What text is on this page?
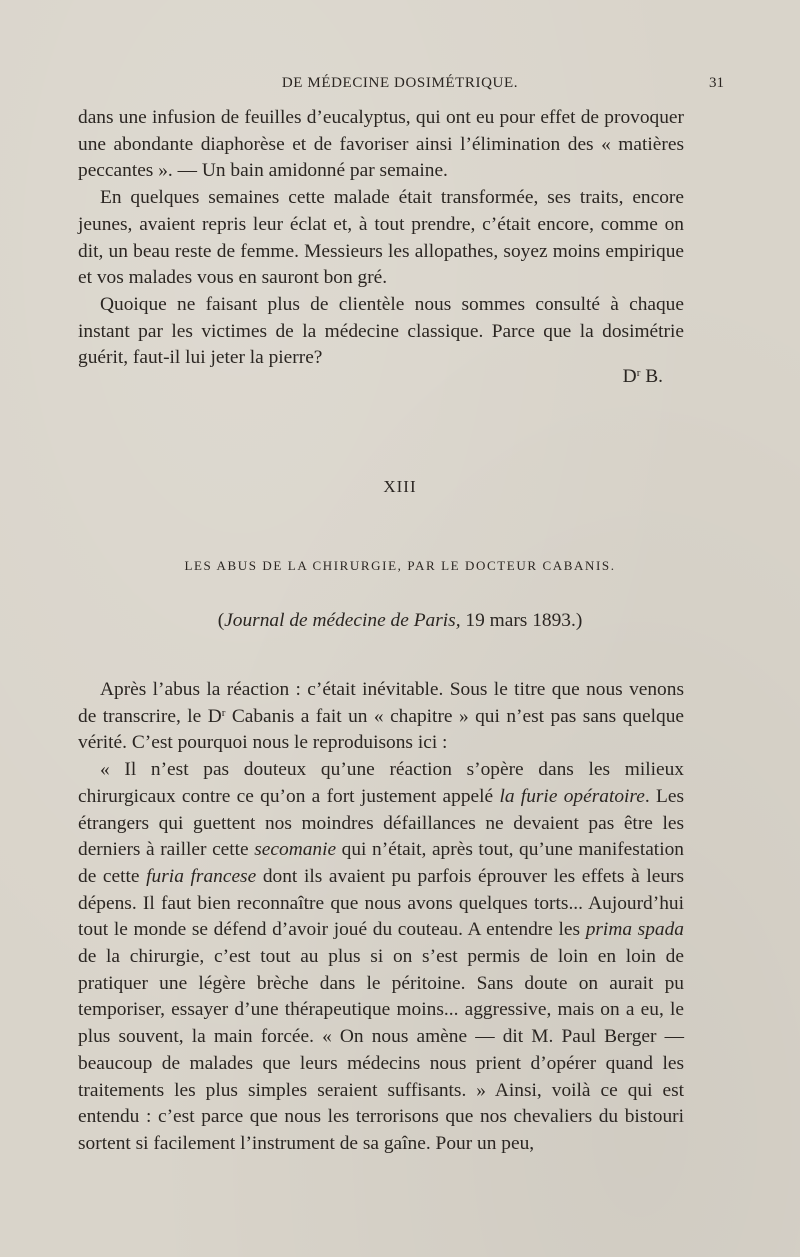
DE MÉDECINE DOSIMÉTRIQUE.	31

dans une infusion de feuilles d’eucalyptus, qui ont eu pour effet de provoquer une abondante diaphorèse et de favoriser ainsi l’élimination des « matières peccantes ». — Un bain amidonné par semaine.

En quelques semaines cette malade était transformée, ses traits, encore jeunes, avaient repris leur éclat et, à tout prendre, c’était encore, comme on dit, un beau reste de femme. Messieurs les allopathes, soyez moins empirique et vos malades vous en sauront bon gré.

Quoique ne faisant plus de clientèle nous sommes consulté à chaque instant par les victimes de la médecine classique. Parce que la dosimétrie guérit, faut-il lui jeter la pierre?

$D^r$ B.
XIII
LES ABUS DE LA CHIRURGIE, PAR LE DOCTEUR CABANIS.
(Journal de médecine de Paris, 19 mars 1893.)

Après l’abus la réaction : c’était inévitable. Sous le titre que nous venons de transcrire, le $D^r$ Cabanis a fait un « chapitre » qui n’est pas sans quelque vérité. C’est pourquoi nous le reproduisons ici :

« Il n’est pas douteux qu’une réaction s’opère dans les milieux chirurgicaux contre ce qu’on a fort justement appelé la furie opératoire. Les étrangers qui guettent nos moindres défaillances ne devaient pas être les derniers à railler cette secomanie qui n’était, après tout, qu’une manifestation de cette furia francese dont ils avaient pu parfois éprouver les effets à leurs dépens. Il faut bien reconnaître que nous avons quelques torts... Aujourd’hui tout le monde se défend d’avoir joué du couteau. A entendre les prima spada de la chirurgie, c’est tout au plus si on s’est permis de loin en loin de pratiquer une légère brèche dans le péritoine. Sans doute on aurait pu temporiser, essayer d’une thérapeutique moins... aggressive, mais on a eu, le plus souvent, la main forcée. « On nous amène — dit M. Paul Berger — beaucoup de malades que leurs médecins nous prient d’opérer quand les traitements les plus simples seraient suffisants. » Ainsi, voilà ce qui est entendu : c’est parce que nous les terrorisons que nos chevaliers du bistouri sortent si facilement l’instrument de sa gaîne. Pour un peu,
